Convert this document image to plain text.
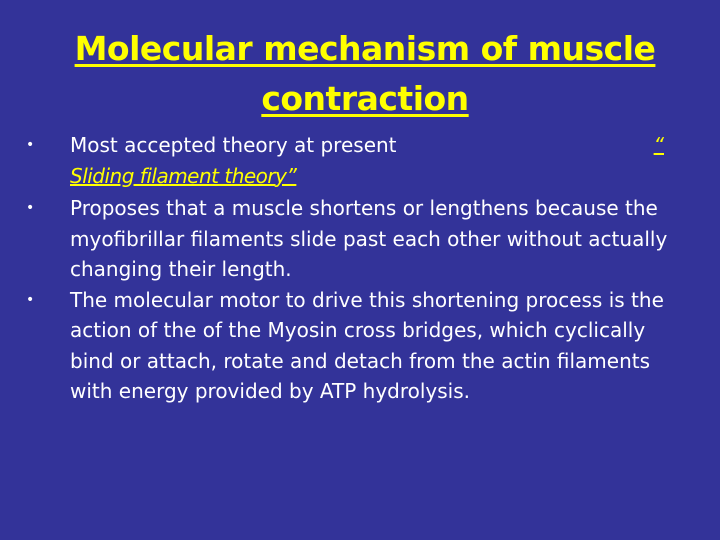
Molecular mechanism of muscle contraction
• Most accepted theory at present	“
Sliding filament theory”
• Proposes that a muscle shortens or lengthens because the myofibrillar filaments slide past each other without actually changing their length.
• The molecular motor to drive this shortening process is the action of the of the Myosin cross bridges, which cyclically bind or attach, rotate and detach from the actin filaments with energy provided by ATP hydrolysis.
